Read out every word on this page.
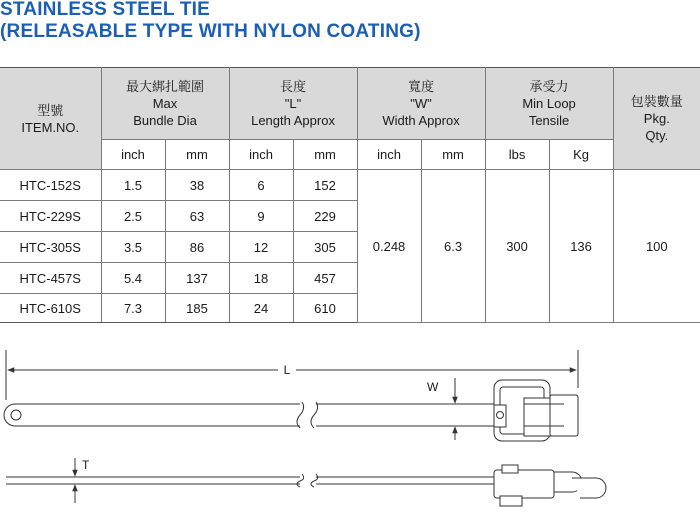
STAINLESS STEEL TIE
(RELEASABLE TYPE WITH NYLON COATING)
型號
ITEM.NO.	最大綁扎範圍
Max
Bundle Dia		長度
"L"
Length Approx		寬度
"W"
Width Approx		承受力
Min Loop
Tensile		包裝數量
Pkg.
Qty.

	inch	mm	inch	mm	inch	mm	lbs	Kg	
HTC-152S	1.5	38	6	152	0.248	6.3	300	136	100
HTC-229S	2.5	63	9	229					
HTC-305S	3.5	86	12	305					
HTC-457S	5.4	137	18	457					
HTC-610S	7.3	185	24	610					
L
W
T
